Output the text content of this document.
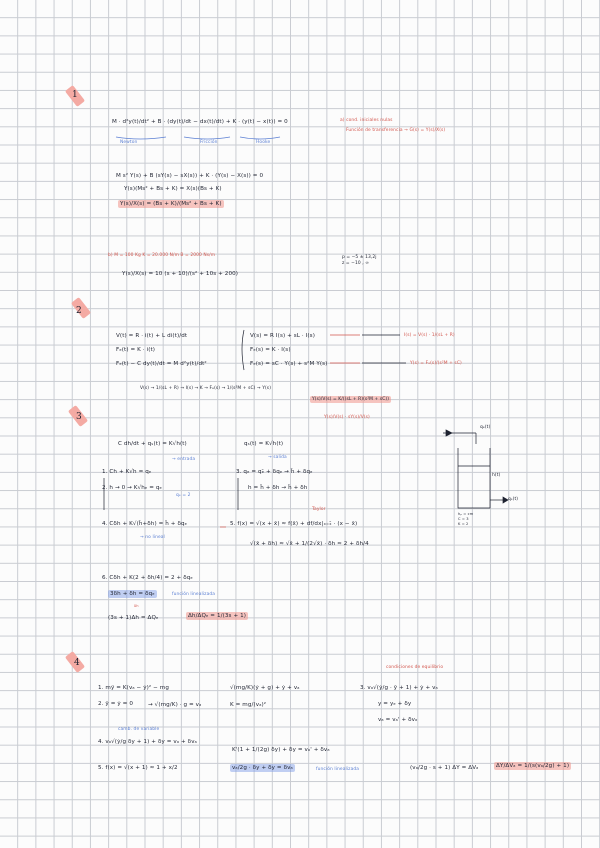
1
2
3
4
M · d²y(t)/dt² + B · (dy(t)/dt − dx(t)/dt) + K · (y(t) − x(t)) = 0
Newton	Fricción	Hooke
a) cond. iniciales nulas
Función de transferencia → G(s) = Y(s)/X(s)
M s² Y(s) + B (sY(s) − sX(s)) + K · (Y(s) − X(s)) = 0
Y(s)(Ms² + Bs + K) = X(s)(Bs + K)
Y(s)/X(s) = (Bs + K)/(Ms² + Bs + K)
b) M = 100 Kg K = 20.000 N/m B = 2000 Ns/m	p = −5 ± 13,2j
z = −10 , ∞
Y(s)/X(s) = 10 (s + 10)/(s² + 10s + 200)
V(t) = R · i(t) + L di(t)/dt
Fₑ(t) = K · i(t)
Fₑ(t) − C dy(t)/dt = M d²y(t)/dt²
V(s) = R I(s) + sL · I(s)
Fₑ(s) = K · I(s)
Fₑ(s) = sC · Y(s) + s²M Y(s)
I(s) = V(s) · 1/(sL + R)
Y(s) = Fₑ(s)/(s²M + sC)
V(s) → 1/(sL + R) → I(s) → K → Fₑ(s) → 1/(s²M + sC) → Y(s)
Y(s)/V(s) = K/((sL + R)(s²M + sC))
Y(s)/V(s) · sY(s)/V(s)
C dh/dt + qₛ(t) = K√h(t)
→ entrada
qₛ(t) = K√h(t)
→ salida
qₑ(t)
h(t)
qₛ(t)
hₚ = cm
C = 3
K = 2
1. Ch + K√h = qₑ
2. h → 0 → K√hₑ = qₑ
qₑ = 2
3. qₑ = qₑ̄ + δqₑ → h̄ + δqₑ
h = h̄ + δh → h̄ + δh
4. Cδh + K√(h̄+δh) = h̄ + δqₑ
→ no lineal
Taylor
5. f(x) = √(x + x̄) ≈ f(x̄) + df/dx|ₓ₌ₓ̄ · (x − x̄)
√(x̄ + δh) ≈ √x̄ + 1/(2√x̄) · δh ≈ 2 + δh/4
6. Cδh + K(2 + δh/4) = 2 + δqₑ
3δh + δh = δqₑ	función linealizada
δh
(3s + 1)Δh = ΔQₑ	Δh/ΔQₑ = 1/(3s + 1)
condiciones de equilibrio
1. mÿ = K(vₐ − ẏ)² − mg	√(mg/K)(ẏ + g) + ẏ + vₐ
2. ÿ = ẏ = 0	→ √(mg/K) · g = vₐ	K = mg/(vₐ)²
3. vₐ√(ẏ/g · ȳ + 1) + ẏ + vₐ
y = yₑ + δy
vₐ = vₐ' + δvₐ
camb. de variable
4. vₐ√(ẏ/g δy + 1) + δy = vₐ + δvₐ
K'(1 + 1/(2g) δy) + δy = vₐ' + δvₐ
5. f(x) = √(x + 1) ≈ 1 + x/2	vₐ/2g · δy + δy = δvₐ	función linealizada	(vₐ/2g · s + 1) ΔY = ΔVₐ	ΔY/ΔVₐ = 1/(s(vₐ/2g) + 1)
